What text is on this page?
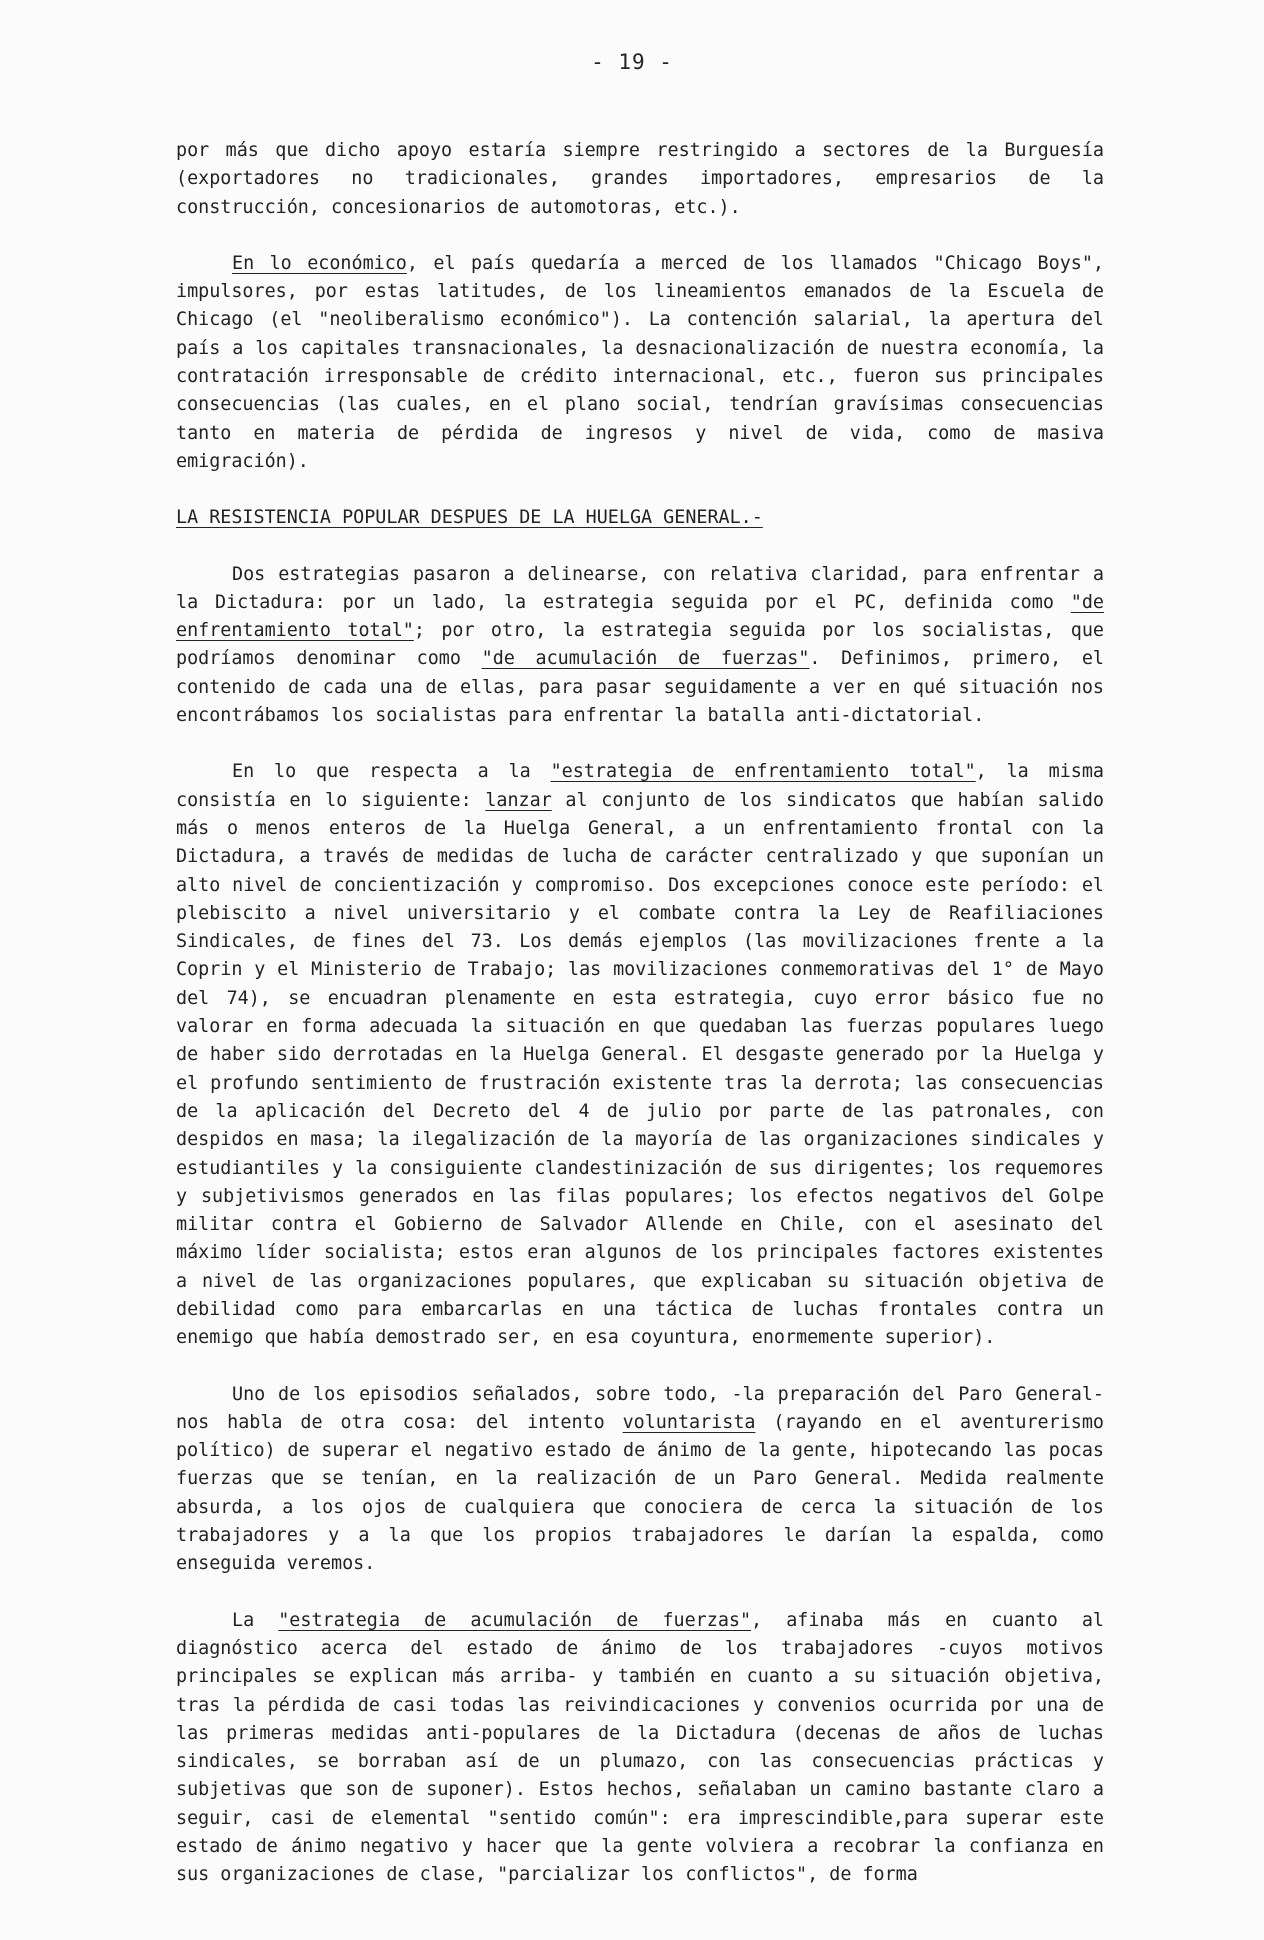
- 19 -

por más que dicho apoyo estaría siempre restringido a sectores de la Burguesía (exportadores no tradicionales, grandes importadores, empresarios de la construcción, concesionarios de automotoras, etc.).

En lo económico, el país quedaría a merced de los llamados "Chicago Boys", impulsores, por estas latitudes, de los lineamientos emanados de la Escuela de Chicago (el "neoliberalismo económico"). La contención salarial, la apertura del país a los capitales transnacionales, la desnacionalización de nuestra economía, la contratación irresponsable de crédito internacional, etc., fueron sus principales consecuencias (las cuales, en el plano social, tendrían gravísimas consecuencias tanto en materia de pérdida de ingresos y nivel de vida, como de masiva emigración).

LA RESISTENCIA POPULAR DESPUES DE LA HUELGA GENERAL.-

Dos estrategias pasaron a delinearse, con relativa claridad, para enfrentar a la Dictadura: por un lado, la estrategia seguida por el PC, definida como "de enfrentamiento total"; por otro, la estrategia seguida por los socialistas, que podríamos denominar como "de acumulación de fuerzas". Definimos, primero, el contenido de cada una de ellas, para pasar seguidamente a ver en qué situación nos encontrábamos los socialistas para enfrentar la batalla anti-dictatorial.

En lo que respecta a la "estrategia de enfrentamiento total", la misma consistía en lo siguiente: lanzar al conjunto de los sindicatos que habían salido más o menos enteros de la Huelga General, a un enfrentamiento frontal con la Dictadura, a través de medidas de lucha de carácter centralizado y que suponían un alto nivel de concientización y compromiso. Dos excepciones conoce este período: el plebiscito a nivel universitario y el combate contra la Ley de Reafiliaciones Sindicales, de fines del 73. Los demás ejemplos (las movilizaciones frente a la Coprin y el Ministerio de Trabajo; las movilizaciones conmemorativas del 1° de Mayo del 74), se encuadran plenamente en esta estrategia, cuyo error básico fue no valorar en forma adecuada la situación en que quedaban las fuerzas populares luego de haber sido derrotadas en la Huelga General. El desgaste generado por la Huelga y el profundo sentimiento de frustración existente tras la derrota; las consecuencias de la aplicación del Decreto del 4 de julio por parte de las patronales, con despidos en masa; la ilegalización de la mayoría de las organizaciones sindicales y estudiantiles y la consiguiente clandestinización de sus dirigentes; los requemores y subjetivismos generados en las filas populares; los efectos negativos del Golpe militar contra el Gobierno de Salvador Allende en Chile, con el asesinato del máximo líder socialista; estos eran algunos de los principales factores existentes a nivel de las organizaciones populares, que explicaban su situación objetiva de debilidad como para embarcarlas en una táctica de luchas frontales contra un enemigo que había demostrado ser, en esa coyuntura, enormemente superior).

Uno de los episodios señalados, sobre todo, -la preparación del Paro General- nos habla de otra cosa: del intento voluntarista (rayando en el aventurerismo político) de superar el negativo estado de ánimo de la gente, hipotecando las pocas fuerzas que se tenían, en la realización de un Paro General. Medida realmente absurda, a los ojos de cualquiera que conociera de cerca la situación de los trabajadores y a la que los propios trabajadores le darían la espalda, como enseguida veremos.

La "estrategia de acumulación de fuerzas", afinaba más en cuanto al diagnóstico acerca del estado de ánimo de los trabajadores -cuyos motivos principales se explican más arriba- y también en cuanto a su situación objetiva, tras la pérdida de casi todas las reivindicaciones y convenios ocurrida por una de las primeras medidas anti-populares de la Dictadura (decenas de años de luchas sindicales, se borraban así de un plumazo, con las consecuencias prácticas y subjetivas que son de suponer). Estos hechos, señalaban un camino bastante claro a seguir, casi de elemental "sentido común": era imprescindible,para superar este estado de ánimo negativo y hacer que la gente volviera a recobrar la confianza en sus organizaciones de clase, "parcializar los conflictos", de forma
